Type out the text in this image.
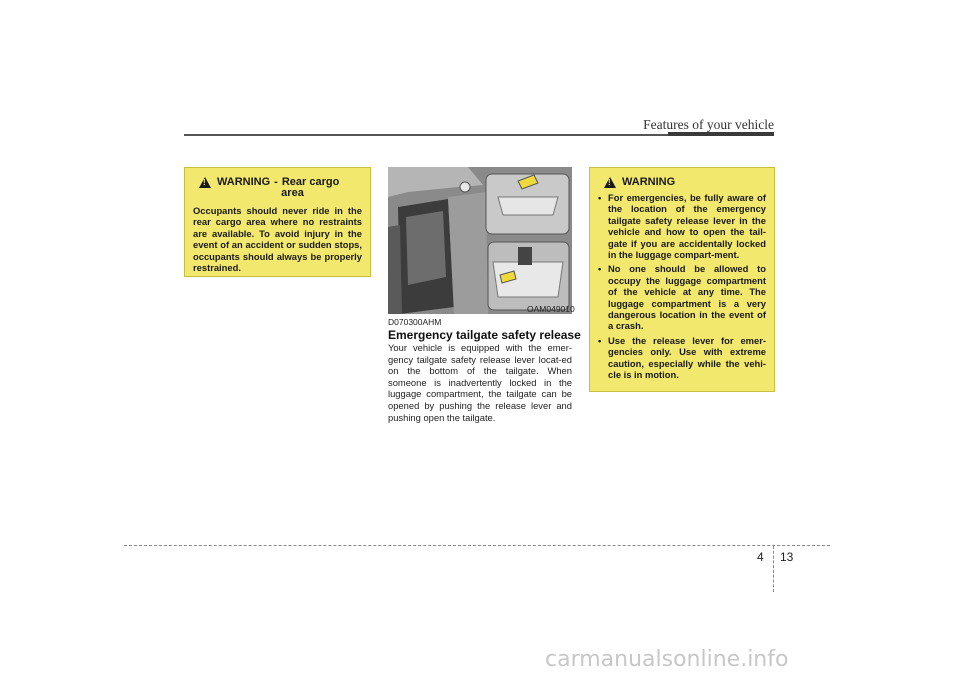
Features of your vehicle
!
WARNING - Rear cargo
area
Occupants should never ride in the rear cargo area where no restraints are available. To avoid injury in the event of an accident or sudden stops, occupants should always be properly restrained.
OAM049010
D070300AHM
Emergency tailgate safety release
Your vehicle is equipped with the emer-gency tailgate safety release lever locat-ed on the bottom of the tailgate. When someone is inadvertently locked in the luggage compartment, the tailgate can be opened by pushing the release lever and pushing open the tailgate.
!
WARNING
• For emergencies, be fully aware of the location of the emergency tailgate safety release lever in the vehicle and how to open the tail-gate if you are accidentally locked in the luggage compart-ment.
• No one should be allowed to occupy the luggage compartment of the vehicle at any time. The luggage compartment is a very dangerous location in the event of a crash.
• Use the release lever for emer-gencies only. Use with extreme caution, especially while the vehi-cle is in motion.
4 13
carmanualsonline.info
